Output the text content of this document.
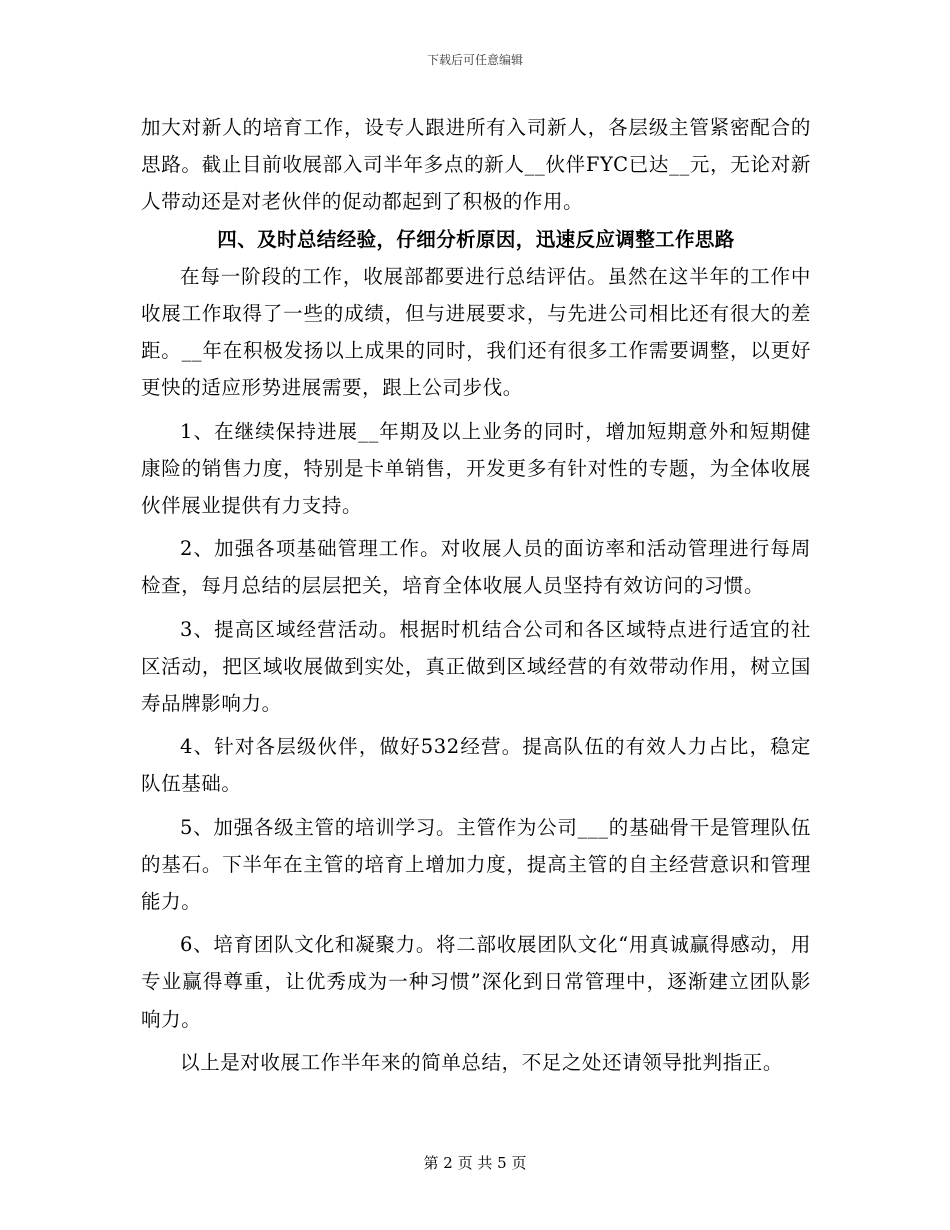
下载后可任意编辑

加大对新人的培育工作，设专人跟进所有入司新人，各层级主管紧密配合的思路。截止目前收展部入司半年多点的新人__伙伴FYC已达__元，无论对新人带动还是对老伙伴的促动都起到了积极的作用。

四、及时总结经验，仔细分析原因，迅速反应调整工作思路

在每一阶段的工作，收展部都要进行总结评估。虽然在这半年的工作中收展工作取得了一些的成绩，但与进展要求，与先进公司相比还有很大的差距。__年在积极发扬以上成果的同时，我们还有很多工作需要调整，以更好更快的适应形势进展需要，跟上公司步伐。

1、在继续保持进展__年期及以上业务的同时，增加短期意外和短期健康险的销售力度，特别是卡单销售，开发更多有针对性的专题，为全体收展伙伴展业提供有力支持。

2、加强各项基础管理工作。对收展人员的面访率和活动管理进行每周检查，每月总结的层层把关，培育全体收展人员坚持有效访问的习惯。

3、提高区域经营活动。根据时机结合公司和各区域特点进行适宜的社区活动，把区域收展做到实处，真正做到区域经营的有效带动作用，树立国寿品牌影响力。

4、针对各层级伙伴，做好532经营。提高队伍的有效人力占比，稳定队伍基础。

5、加强各级主管的培训学习。主管作为公司___的基础骨干是管理队伍的基石。下半年在主管的培育上增加力度，提高主管的自主经营意识和管理能力。

6、培育团队文化和凝聚力。将二部收展团队文化“用真诚赢得感动，用专业赢得尊重，让优秀成为一种习惯”深化到日常管理中，逐渐建立团队影响力。

以上是对收展工作半年来的简单总结，不足之处还请领导批判指正。

第 2 页 共 5 页
